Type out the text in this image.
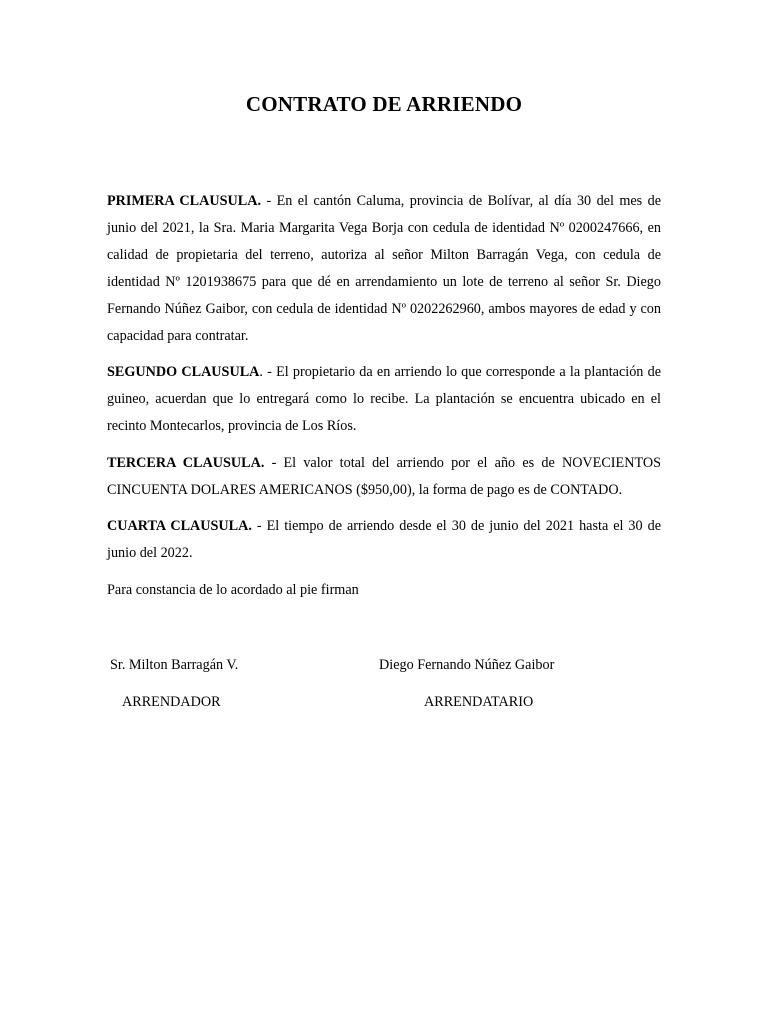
CONTRATO DE ARRIENDO

PRIMERA CLAUSULA. - En el cantón Caluma, provincia de Bolívar, al día 30 del mes de junio del 2021, la Sra. Maria Margarita Vega Borja con cedula de identidad Nº 0200247666, en calidad de propietaria del terreno, autoriza al señor Milton Barragán Vega, con cedula de identidad Nº 1201938675 para que dé en arrendamiento un lote de terreno al señor Sr. Diego Fernando Núñez Gaibor, con cedula de identidad Nº 0202262960, ambos mayores de edad y con capacidad para contratar.

SEGUNDO CLAUSULA. - El propietario da en arriendo lo que corresponde a la plantación de guineo, acuerdan que lo entregará como lo recibe. La plantación se encuentra ubicado en el recinto Montecarlos, provincia de Los Ríos.

TERCERA CLAUSULA. - El valor total del arriendo por el año es de NOVECIENTOS CINCUENTA DOLARES AMERICANOS ($950,00), la forma de pago es de CONTADO.

CUARTA CLAUSULA. - El tiempo de arriendo desde el 30 de junio del 2021 hasta el 30 de junio del 2022.

Para constancia de lo acordado al pie firman

Sr. Milton Barragán V.	Diego Fernando Núñez Gaibor
ARRENDADOR	ARRENDATARIO
